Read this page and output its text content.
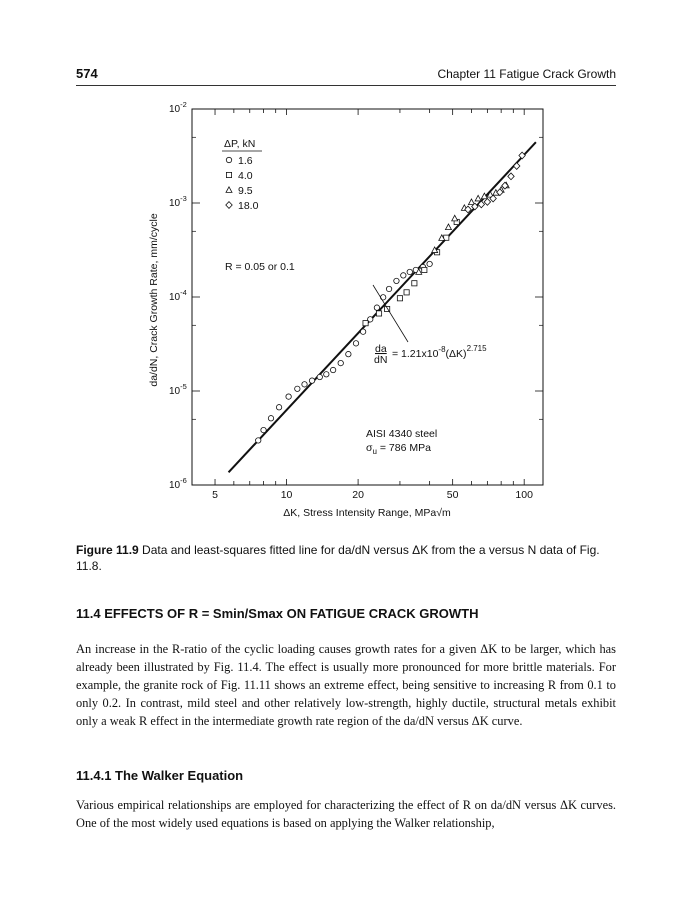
574	Chapter 11 Fatigue Crack Growth
5	10	20	50	100
$10^{-2}$
$10^{-3}$
$10^{-4}$
$10^{-5}$
$10^{-6}$
ΔP, kN
1.6
4.0
9.5
18.0
R = 0.05 or 0.1
da
dN = $1.21x10^{-8}(\Delta K)^{2.715}$
AISI 4340 steel
$\sigma_u = 786$ MPa
ΔK, Stress Intensity Range, MPa√m
da/dN, Crack Growth Rate, mm/cycle
Figure 11.9 Data and least-squares fitted line for da/dN versus ΔK from the a versus N data of Fig. 11.8.
11.4 EFFECTS OF R = Smin/Smax ON FATIGUE CRACK GROWTH
An increase in the R-ratio of the cyclic loading causes growth rates for a given ΔK to be larger, which has already been illustrated by Fig. 11.4. The effect is usually more pronounced for more brittle materials. For example, the granite rock of Fig. 11.11 shows an extreme effect, being sensitive to increasing R from 0.1 to only 0.2. In contrast, mild steel and other relatively low-strength, highly ductile, structural metals exhibit only a weak R effect in the intermediate growth rate region of the da/dN versus ΔK curve.
11.4.1 The Walker Equation
Various empirical relationships are employed for characterizing the effect of R on da/dN versus ΔK curves. One of the most widely used equations is based on applying the Walker relationship,
